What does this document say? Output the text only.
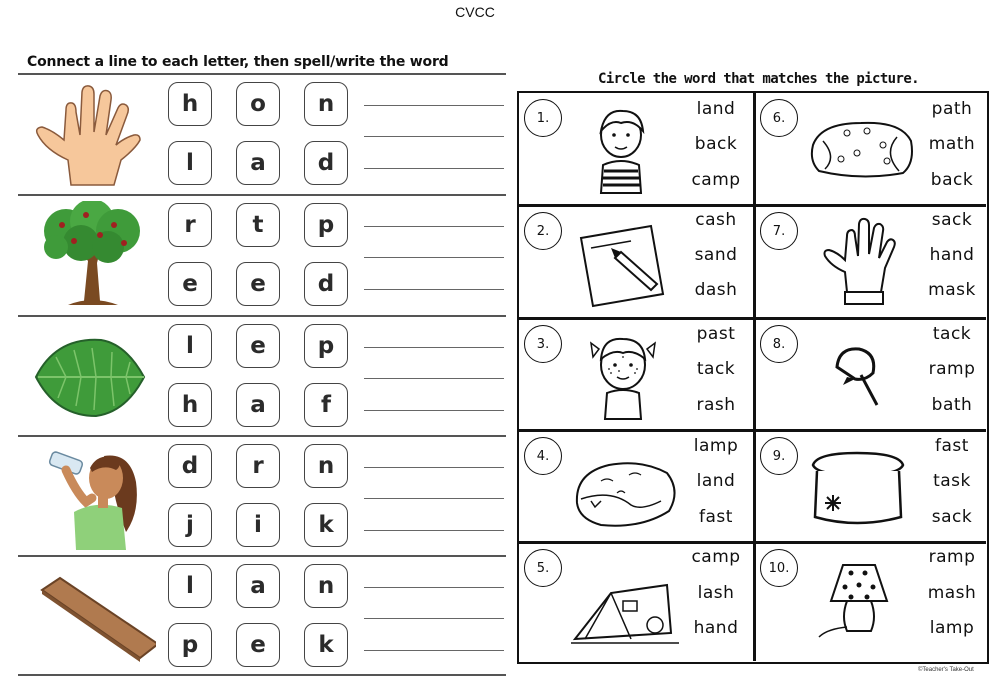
CVCC
Connect a line to each letter, then spell/write the word
h	o	n
l	a	d
r	t	p
e	e	d
l	e	p
h	a	f
d	r	n
j	i	k
l	a	n
p	e	k
Circle the word that matches the picture.
1.	land
back
camp
6.	path
math
back
2.
cash
sand
dash
7.
sack
hand
mask
3.	past
tack
rash
8.	tack
ramp
bath
4.	lamp
land
fast
9.	fast
task
sack
5.
camp
lash
hand
10.
ramp
mash
lamp
©Teacher's Take-Out
